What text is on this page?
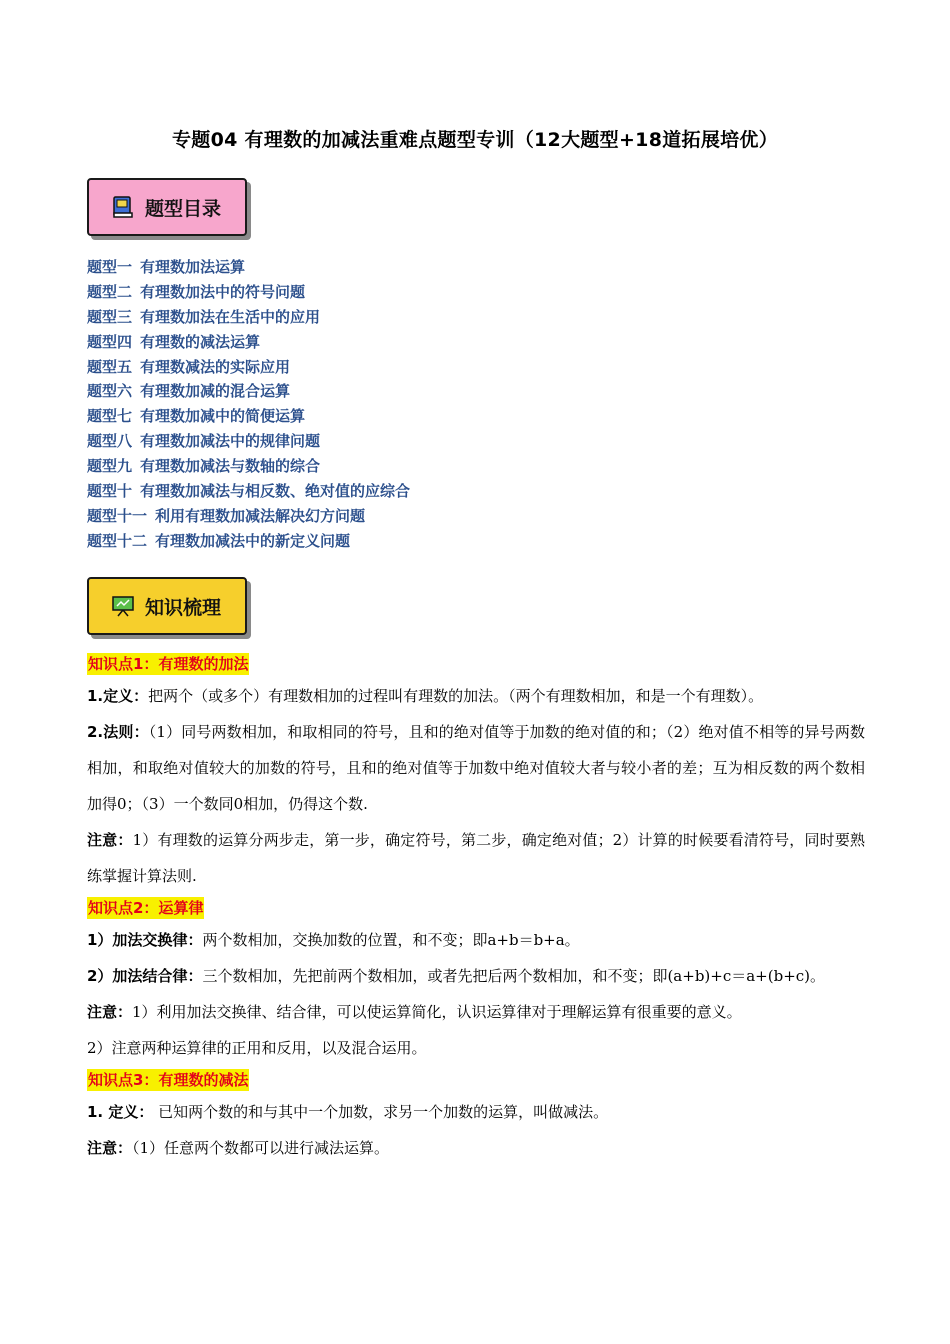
专题04 有理数的加减法重难点题型专训（12大题型+18道拓展培优）
题型目录
题型一 有理数加法运算
题型二 有理数加法中的符号问题
题型三 有理数加法在生活中的应用
题型四 有理数的减法运算
题型五 有理数减法的实际应用
题型六 有理数加减的混合运算
题型七 有理数加减中的简便运算
题型八 有理数加减法中的规律问题
题型九 有理数加减法与数轴的综合
题型十 有理数加减法与相反数、绝对值的应综合
题型十一 利用有理数加减法解决幻方问题
题型十二 有理数加减法中的新定义问题
知识梳理
知识点1：有理数的加法

1.定义：把两个（或多个）有理数相加的过程叫有理数的加法。（两个有理数相加，和是一个有理数）。

2.法则：（1）同号两数相加，和取相同的符号，且和的绝对值等于加数的绝对值的和；（2）绝对值不相等的异号两数相加，和取绝对值较大的加数的符号，且和的绝对值等于加数中绝对值较大者与较小者的差；互为相反数的两个数相加得0；（3）一个数同0相加，仍得这个数.

注意：1）有理数的运算分两步走，第一步，确定符号，第二步，确定绝对值；2）计算的时候要看清符号，同时要熟练掌握计算法则.

知识点2：运算律

1）加法交换律：两个数相加，交换加数的位置，和不变；即a+b＝b+a。

2）加法结合律：三个数相加，先把前两个数相加，或者先把后两个数相加，和不变；即(a+b)+c＝a+(b+c)。

注意：1）利用加法交换律、结合律，可以使运算简化，认识运算律对于理解运算有很重要的意义。

2）注意两种运算律的正用和反用，以及混合运用。

知识点3：有理数的减法

1. 定义： 已知两个数的和与其中一个加数，求另一个加数的运算，叫做减法。

注意：（1）任意两个数都可以进行减法运算。
